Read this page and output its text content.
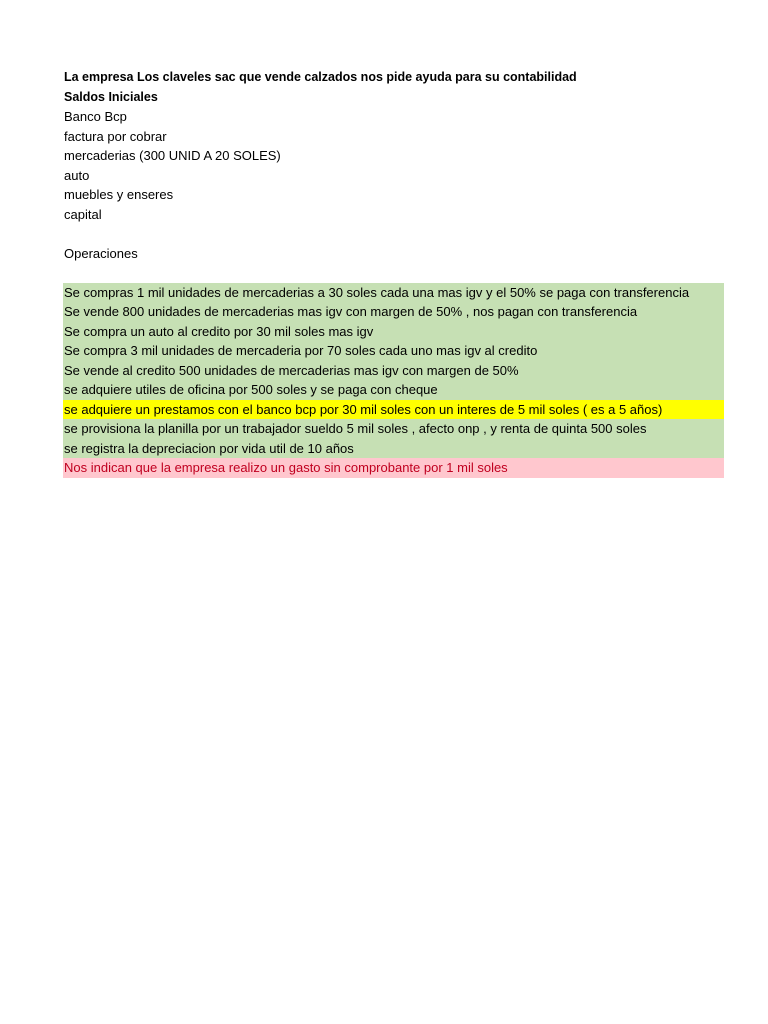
La empresa Los claveles sac que vende calzados nos pide ayuda para su contabilidad
Saldos Iniciales
Banco Bcp
factura por cobrar
mercaderias (300 UNID A 20 SOLES)
auto
muebles y enseres
capital
Operaciones
Se compras 1 mil unidades de mercaderias a 30 soles cada una mas igv y el 50% se paga con transferencia
Se vende 800 unidades de mercaderias mas igv con margen de 50% , nos pagan con transferencia
Se compra un auto al credito por 30 mil soles mas igv
Se compra 3 mil unidades de mercaderia por 70 soles cada uno mas igv al credito
Se vende al credito 500 unidades de mercaderias mas igv con margen de 50%
se adquiere utiles de oficina por 500 soles y se paga con cheque
se adquiere un prestamos con el banco bcp por 30 mil soles con un interes de 5 mil soles ( es a 5 años)
se provisiona la planilla por un trabajador sueldo 5 mil soles , afecto onp , y renta de quinta 500 soles
se registra la depreciacion por vida util de 10 años
Nos indican que la empresa realizo un gasto sin comprobante por 1 mil soles
